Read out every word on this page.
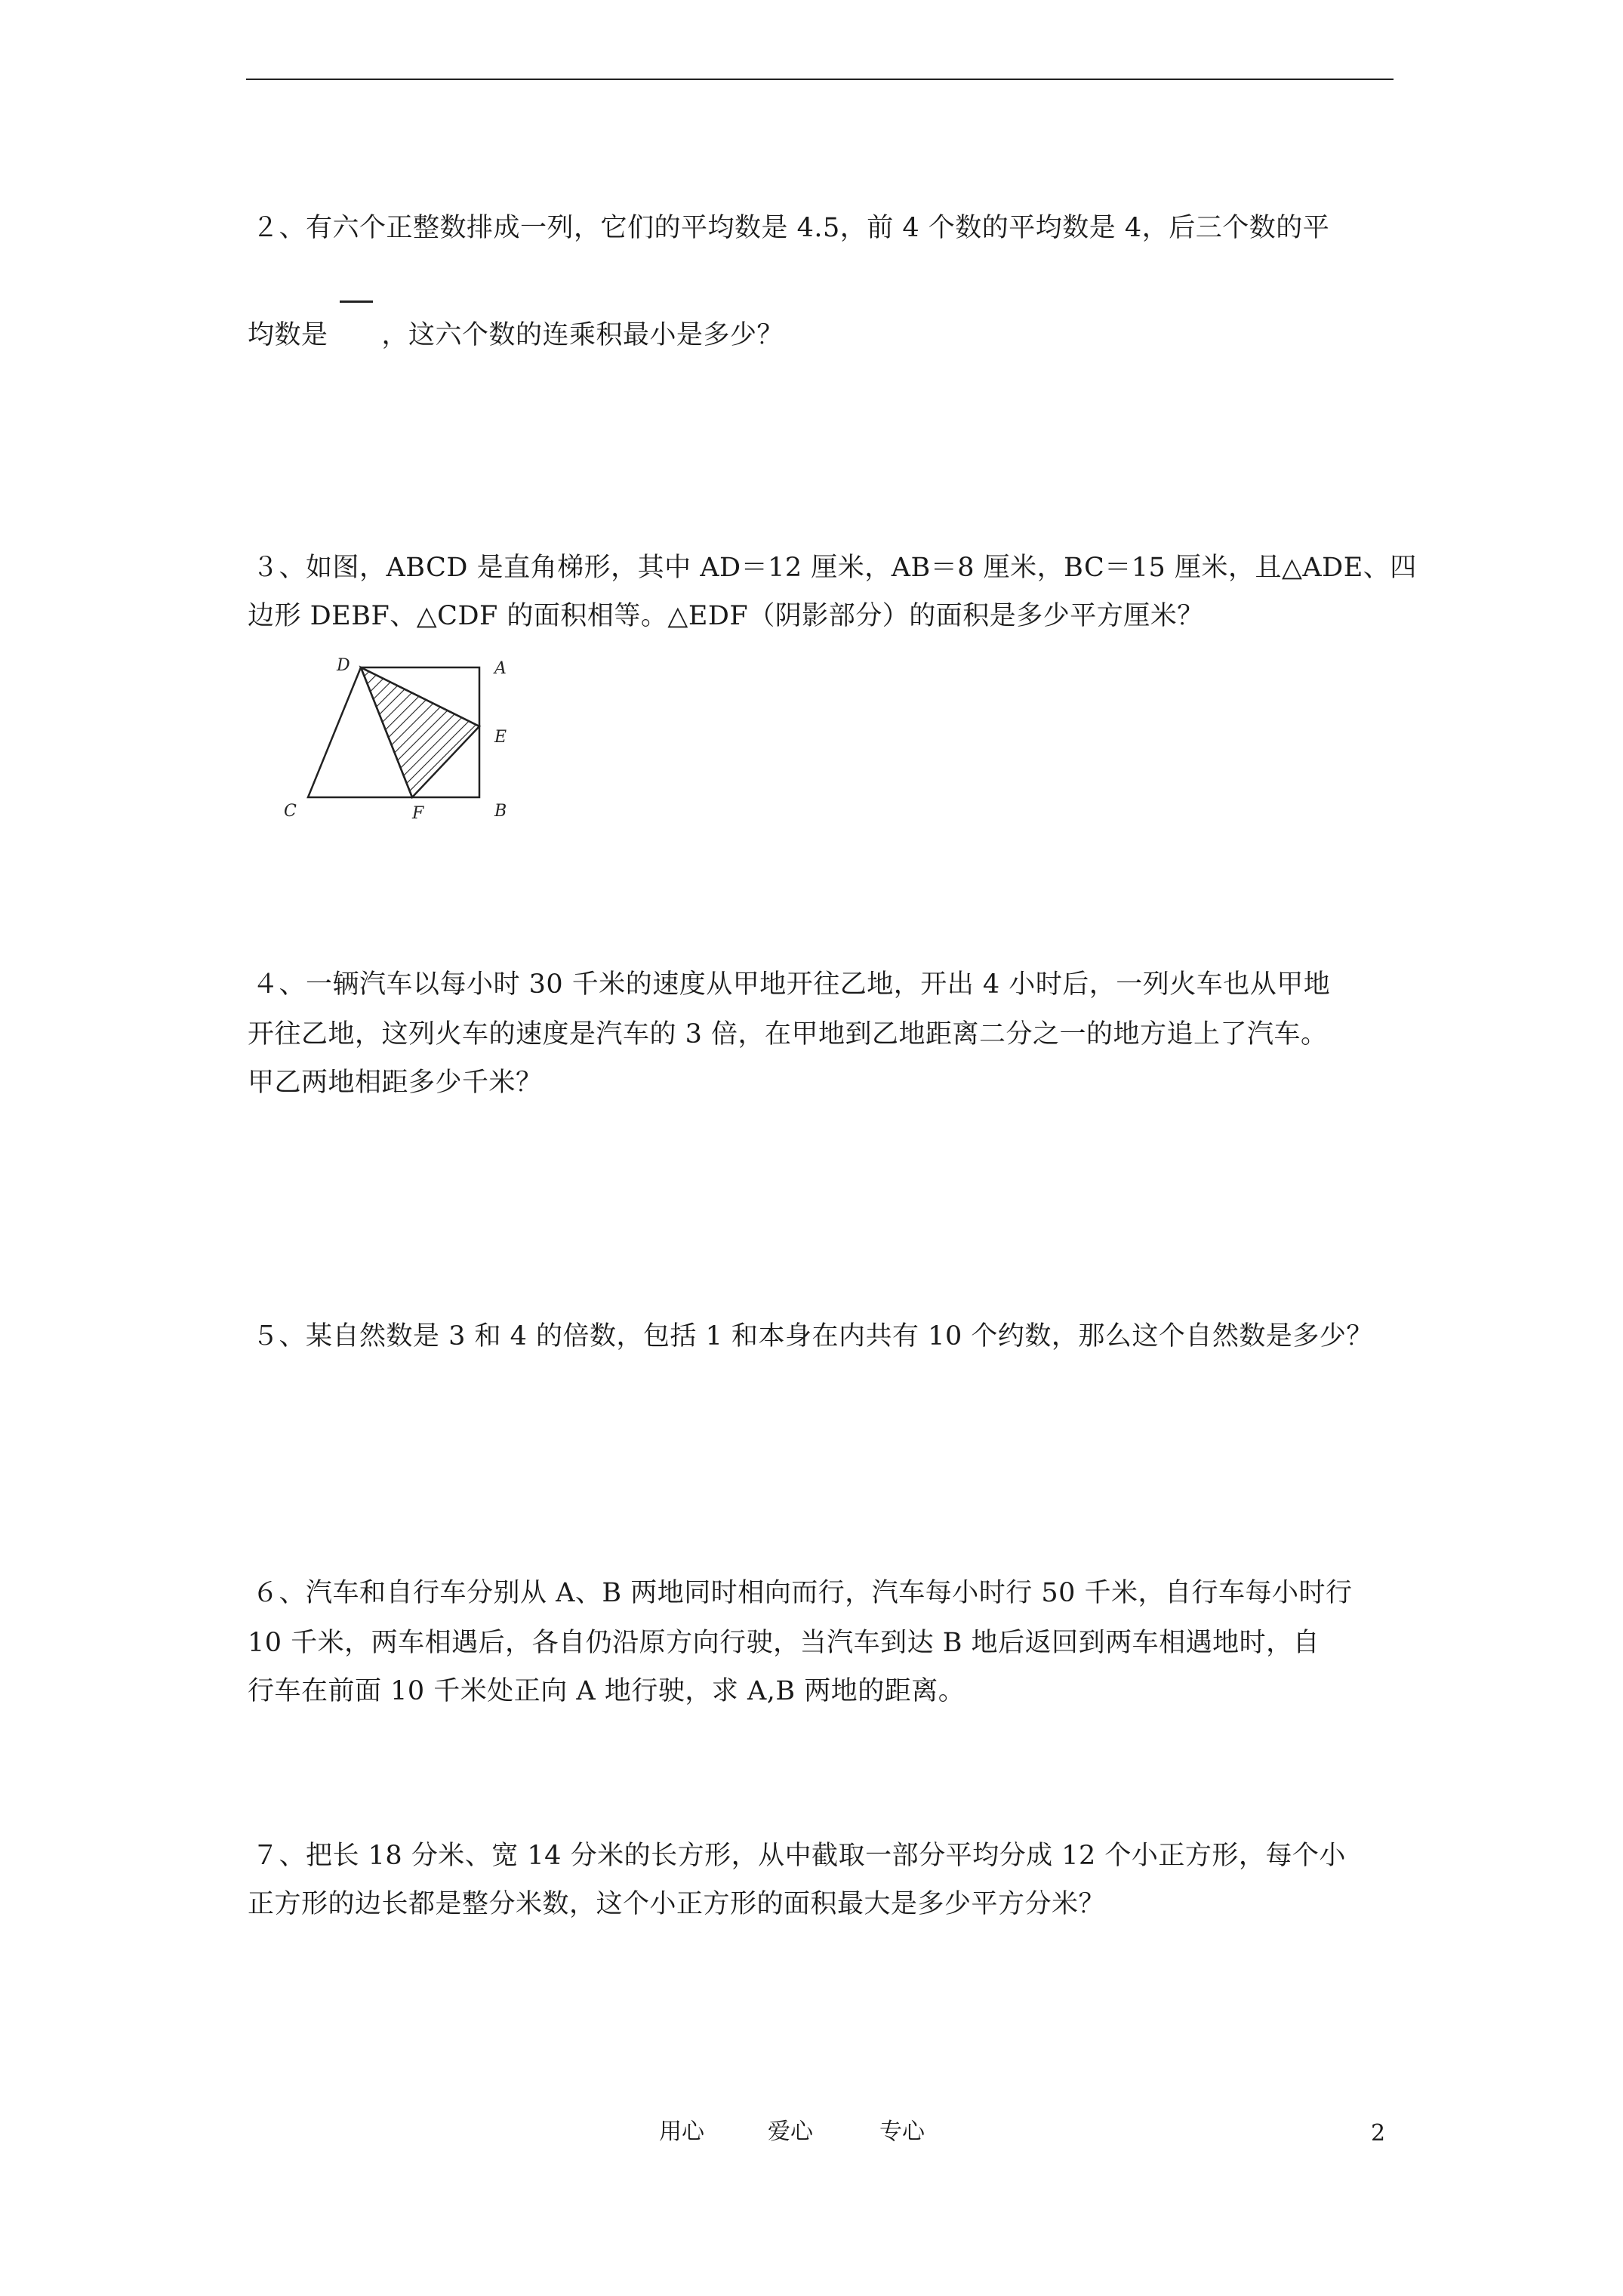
２、有六个正整数排成一列，它们的平均数是 4.5，前 4 个数的平均数是 4，后三个数的平
均数是　　，这六个数的连乘积最小是多少？
３、如图，ABCD 是直角梯形，其中 AD＝12 厘米，AB＝8 厘米，BC＝15 厘米，且△ADE、四
边形 DEBF、△CDF 的面积相等。△EDF（阴影部分）的面积是多少平方厘米？
D	A
E
C	F	B
４、一辆汽车以每小时 30 千米的速度从甲地开往乙地，开出 4 小时后，一列火车也从甲地
开往乙地，这列火车的速度是汽车的 3 倍，在甲地到乙地距离二分之一的地方追上了汽车。
甲乙两地相距多少千米？
５、某自然数是 3 和 4 的倍数，包括 1 和本身在内共有 10 个约数，那么这个自然数是多少？
６、汽车和自行车分别从 A、B 两地同时相向而行，汽车每小时行 50 千米，自行车每小时行
10 千米，两车相遇后，各自仍沿原方向行驶，当汽车到达 B 地后返回到两车相遇地时，自
行车在前面 10 千米处正向 A 地行驶，求 A,B 两地的距离。
７、把长 18 分米、宽 14 分米的长方形，从中截取一部分平均分成 12 个小正方形，每个小
正方形的边长都是整分米数，这个小正方形的面积最大是多少平方分米？
用心	爱心	专心	2
